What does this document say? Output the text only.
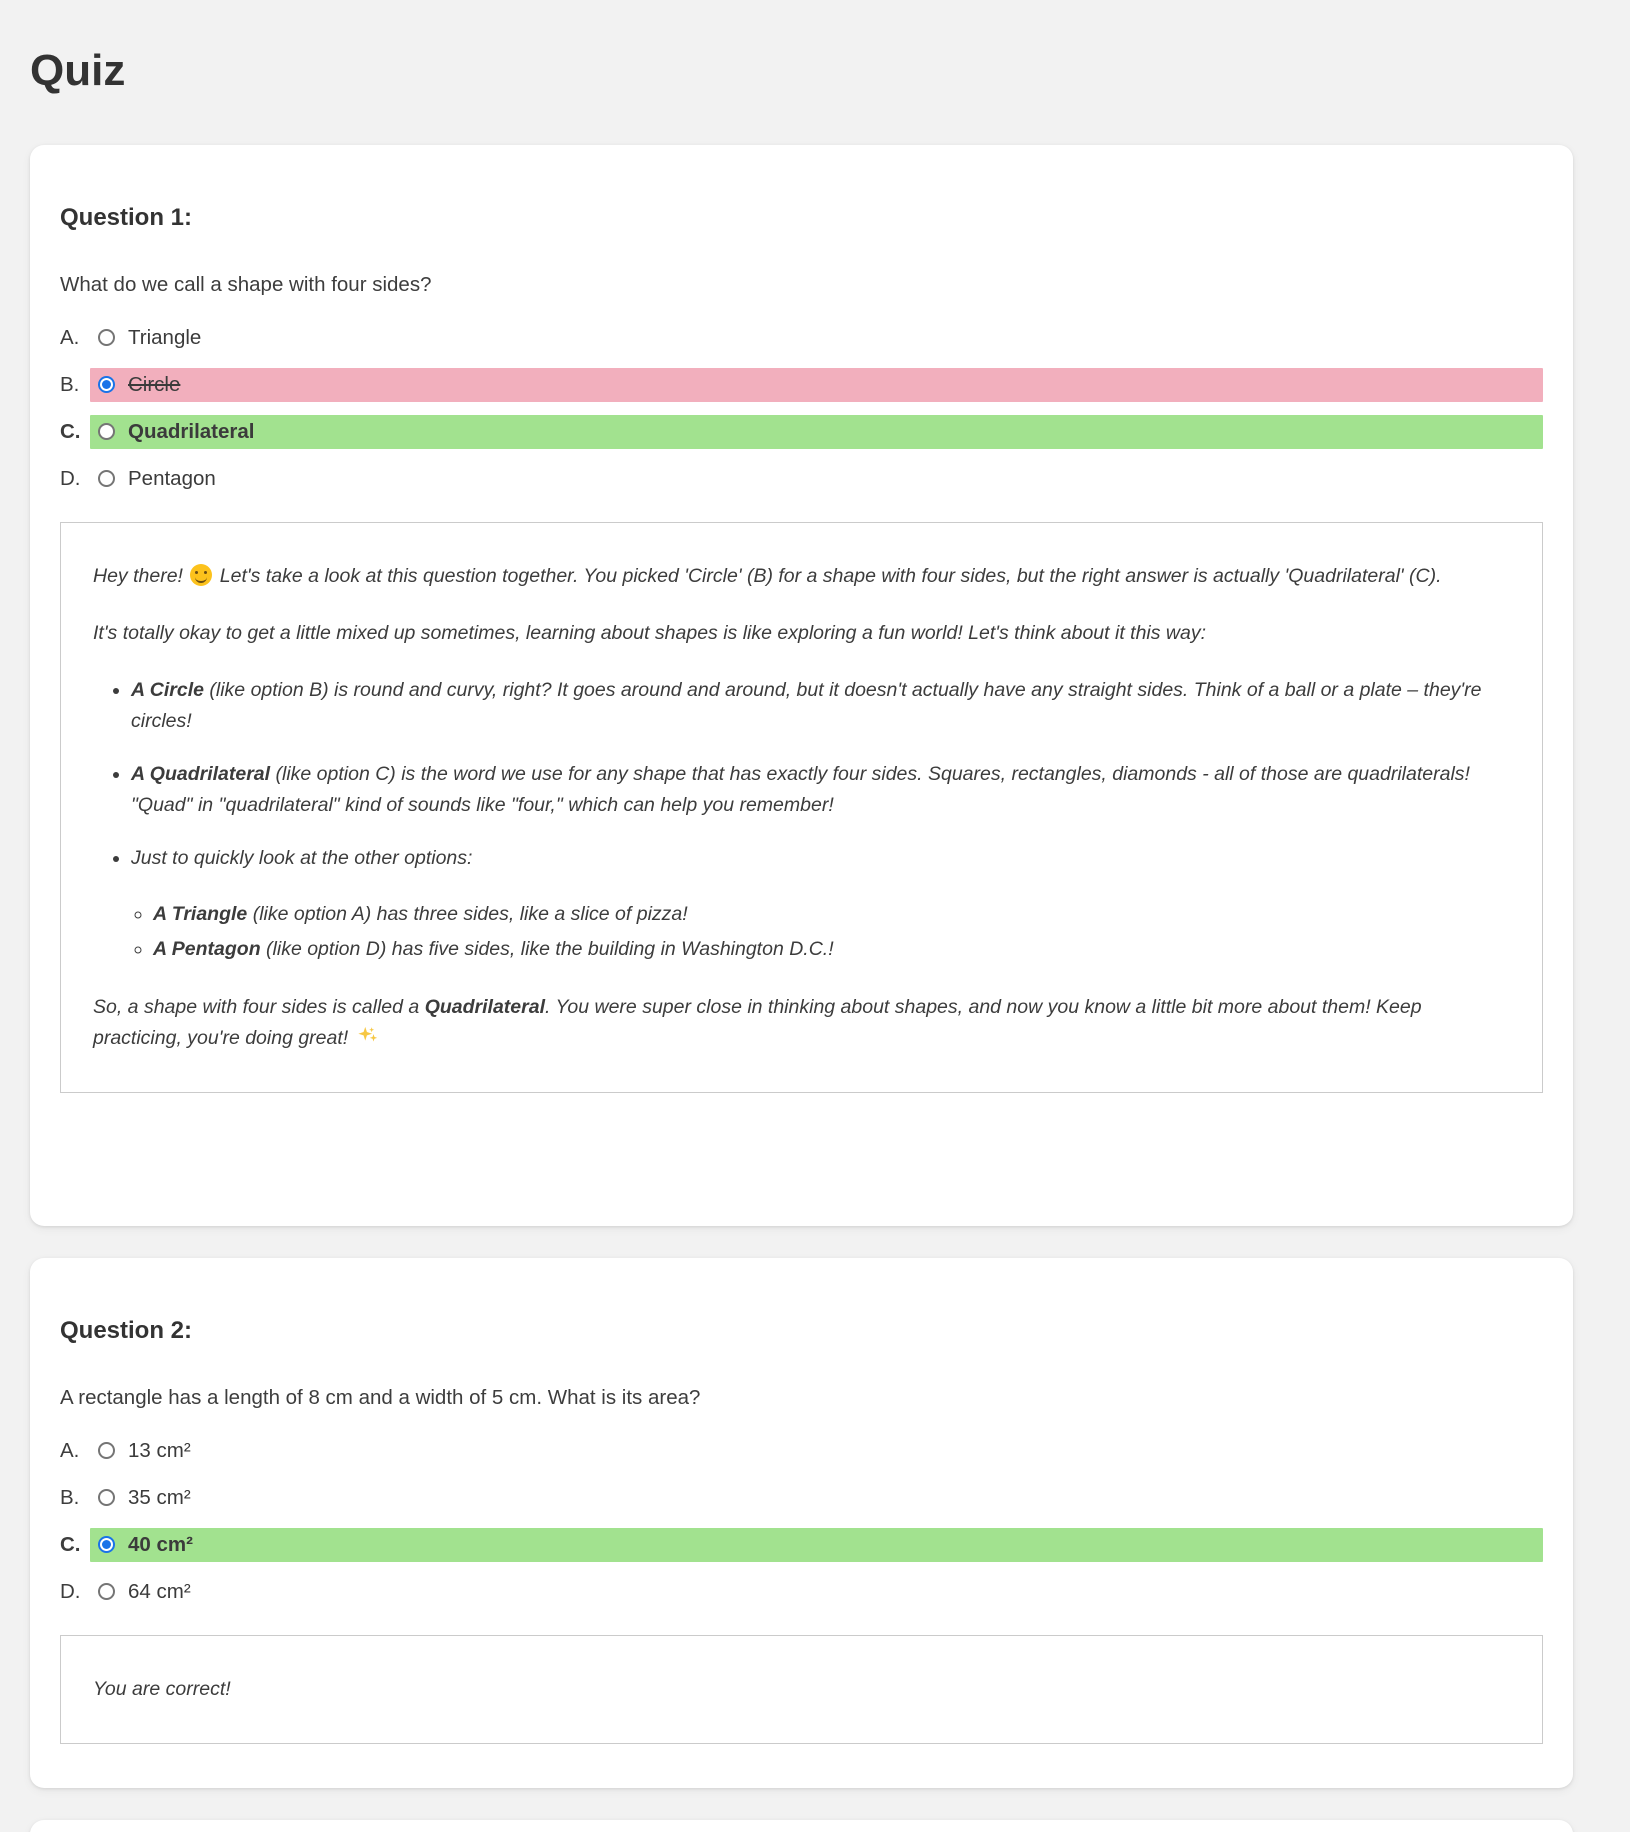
Quiz
Question 1:

What do we call a shape with four sides?

A.	Triangle
B.	Circle
C.	Quadrilateral
D.	Pentagon

Hey there!  Let's take a look at this question together. You picked 'Circle' (B) for a shape with four sides, but the right answer is actually 'Quadrilateral' (C).

It's totally okay to get a little mixed up sometimes, learning about shapes is like exploring a fun world! Let's think about it this way:

• A Circle (like option B) is round and curvy, right? It goes around and around, but it doesn't actually have any straight sides. Think of a ball or a plate – they're circles!
• A Quadrilateral (like option C) is the word we use for any shape that has exactly four sides. Squares, rectangles, diamonds - all of those are quadrilaterals! "Quad" in "quadrilateral" kind of sounds like "four," which can help you remember!
• Just to quickly look at the other options:
◦ A Triangle (like option A) has three sides, like a slice of pizza!
◦ A Pentagon (like option D) has five sides, like the building in Washington D.C.!

So, a shape with four sides is called a Quadrilateral. You were super close in thinking about shapes, and now you know a little bit more about them! Keep practicing, you're doing great!

Question 2:

A rectangle has a length of 8 cm and a width of 5 cm. What is its area?

A.	13 cm²
B.	35 cm²
C.	40 cm²
D.	64 cm²

You are correct!
